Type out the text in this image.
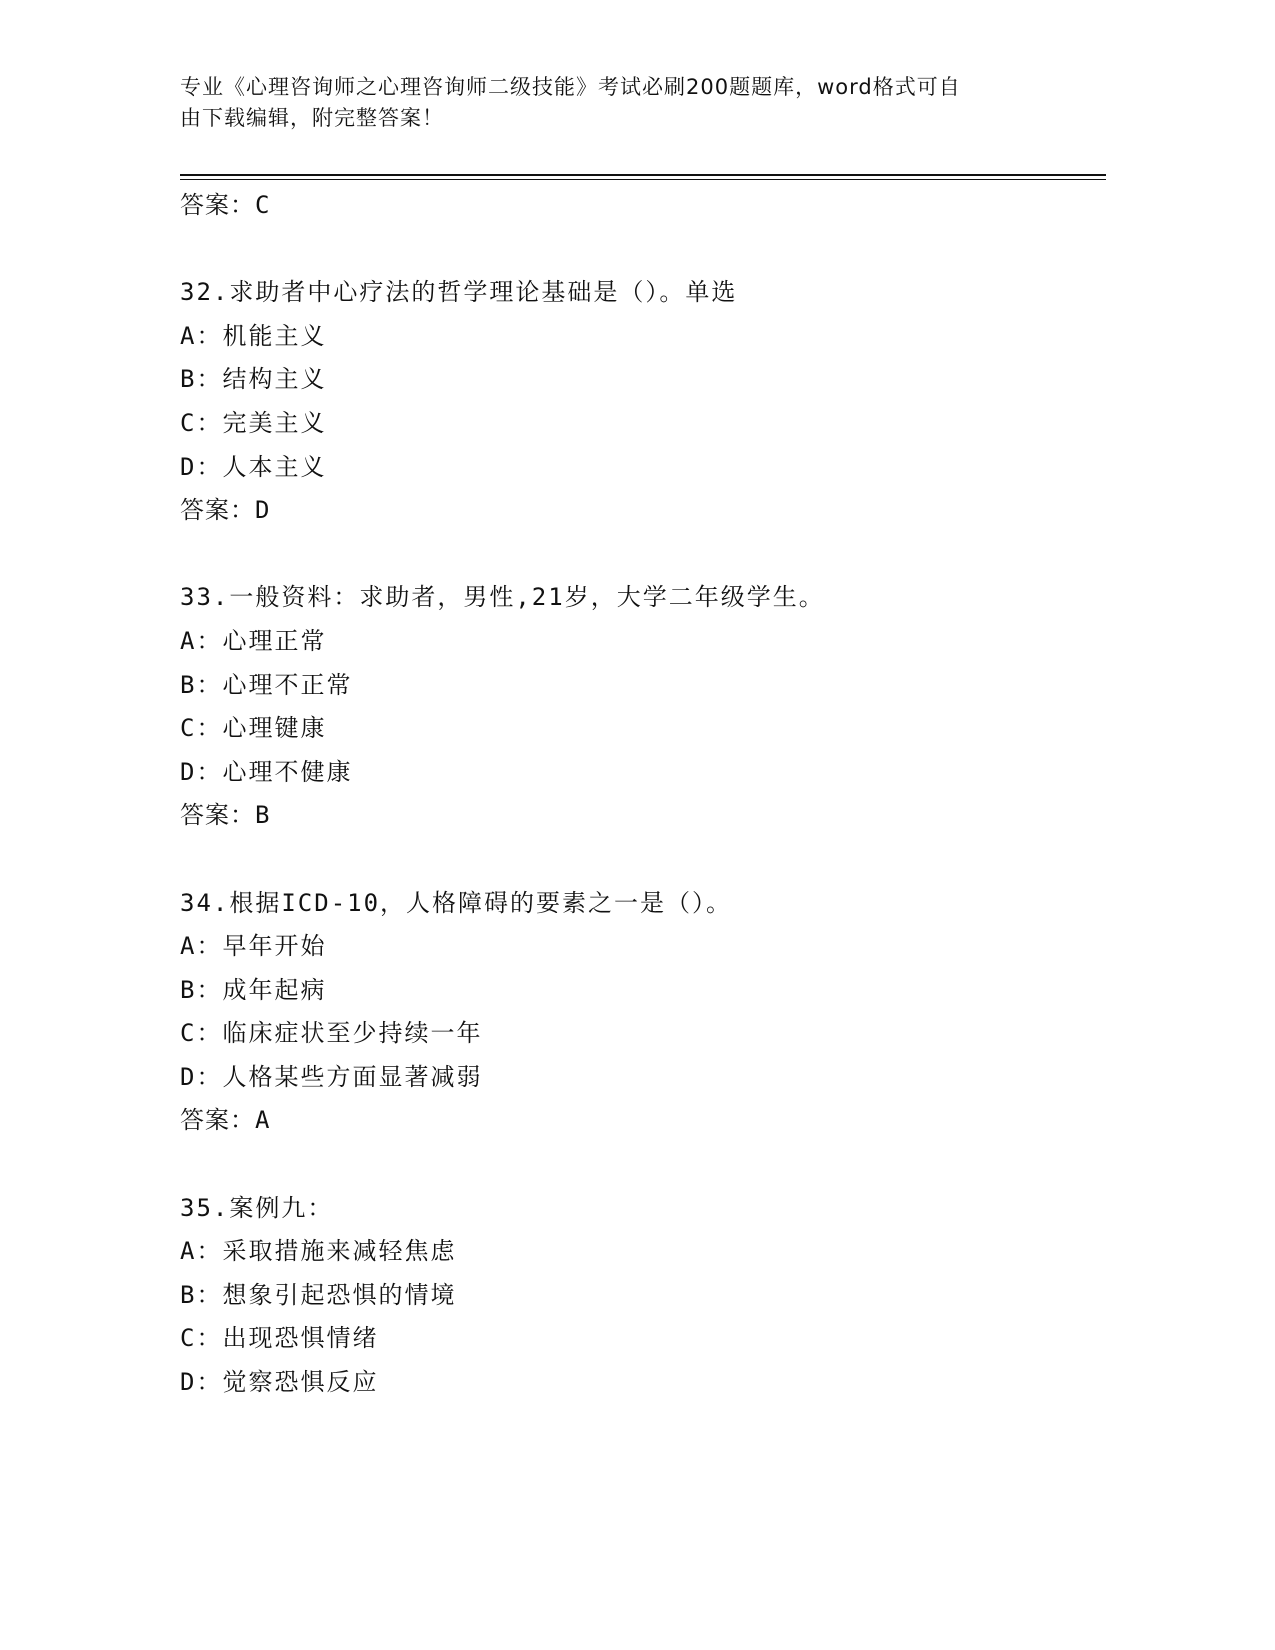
专业《心理咨询师之心理咨询师二级技能》考试必刷200题题库，word格式可自
由下载编辑，附完整答案！
答案：C
32.求助者中心疗法的哲学理论基础是（）。单选
A：机能主义
B：结构主义
C：完美主义
D：人本主义
答案：D
33.一般资料：求助者，男性,21岁，大学二年级学生。
A：心理正常
B：心理不正常
C：心理键康
D：心理不健康
答案：B
34.根据ICD-10，人格障碍的要素之一是（）。
A：早年开始
B：成年起病
C：临床症状至少持续一年
D：人格某些方面显著减弱
答案：A
35.案例九：
A：采取措施来减轻焦虑
B：想象引起恐惧的情境
C：出现恐惧情绪
D：觉察恐惧反应
